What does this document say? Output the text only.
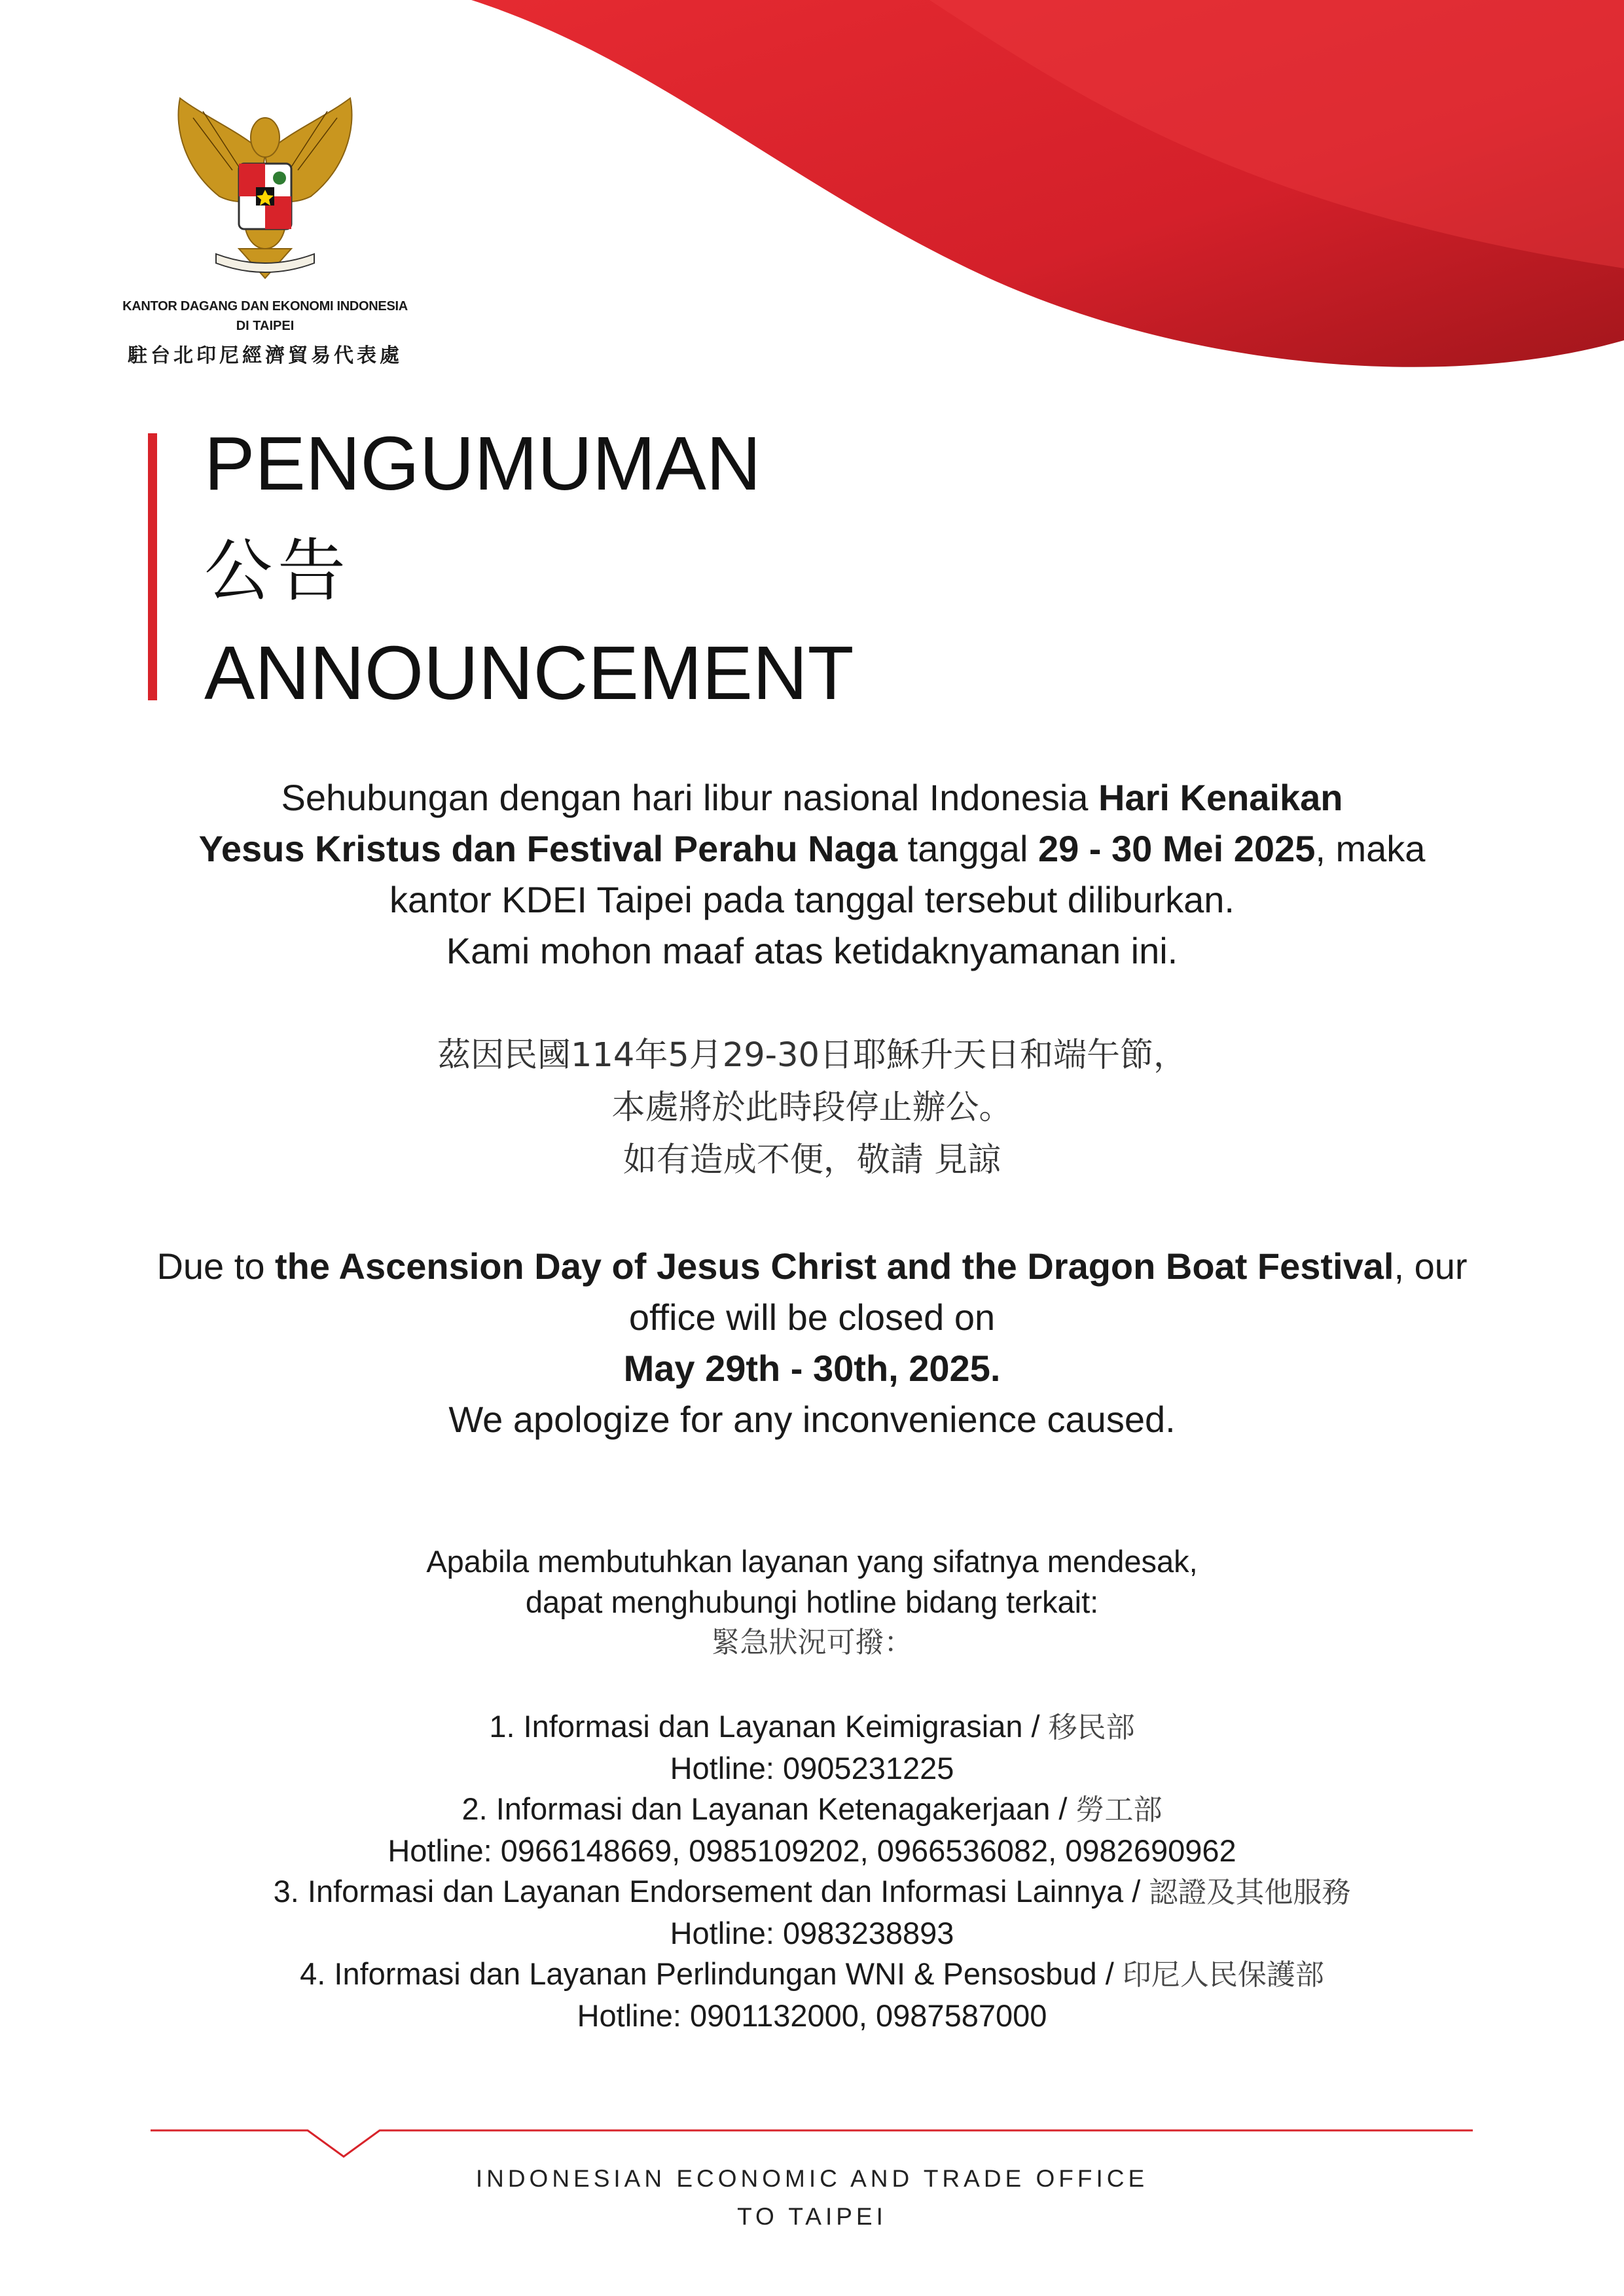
KANTOR DAGANG DAN EKONOMI INDONESIA
DI TAIPEI
駐台北印尼經濟貿易代表處
PENGUMUMAN
公告
ANNOUNCEMENT
Sehubungan dengan hari libur nasional Indonesia Hari Kenaikan
Yesus Kristus dan Festival Perahu Naga tanggal 29 - 30 Mei 2025, maka
kantor KDEI Taipei pada tanggal tersebut diliburkan.
Kami mohon maaf atas ketidaknyamanan ini.
茲因民國114年5月29-30日耶穌升天日和端午節，
本處將於此時段停止辦公。
如有造成不便，敬請 見諒
Due to the Ascension Day of Jesus Christ and the Dragon Boat Festival, our
office will be closed on
May 29th - 30th, 2025.
We apologize for any inconvenience caused.
Apabila membutuhkan layanan yang sifatnya mendesak,
dapat menghubungi hotline bidang terkait:
緊急狀況可撥：
1. Informasi dan Layanan Keimigrasian / 移民部
Hotline: 0905231225
2. Informasi dan Layanan Ketenagakerjaan / 勞工部
Hotline: 0966148669, 0985109202, 0966536082, 0982690962
3. Informasi dan Layanan Endorsement dan Informasi Lainnya / 認證及其他服務
Hotline: 0983238893
4. Informasi dan Layanan Perlindungan WNI & Pensosbud / 印尼人民保護部
Hotline: 0901132000, 0987587000
INDONESIAN ECONOMIC AND TRADE OFFICE
TO TAIPEI
